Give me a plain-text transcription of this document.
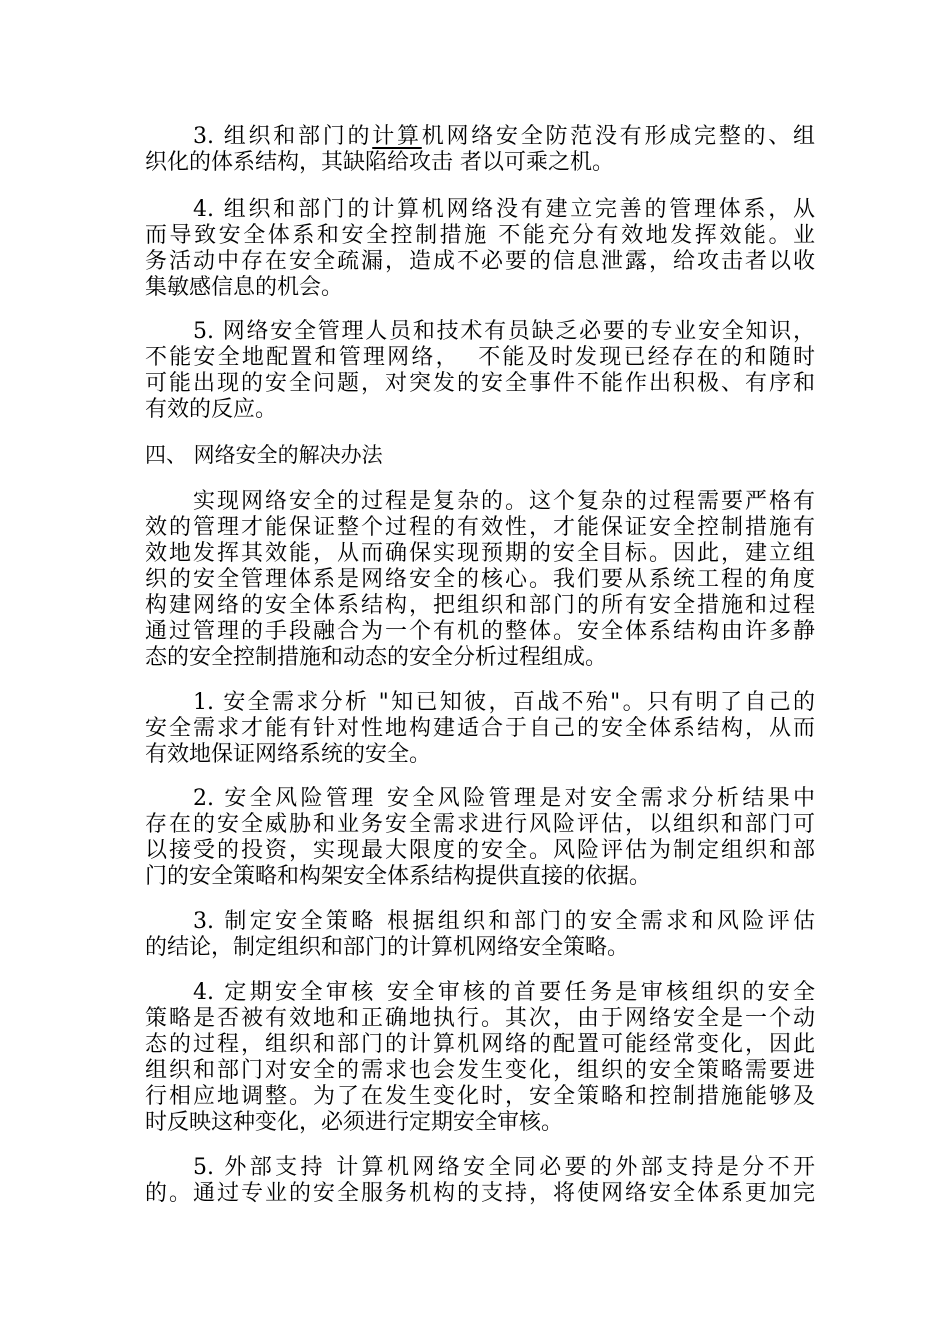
3. 组织和部门的计算机网络安全防范没有形成完整的、组
织化的体系结构，其缺陷给攻击 者以可乘之机。
4. 组织和部门的计算机网络没有建立完善的管理体系，从
而导致安全体系和安全控制措施 不能充分有效地发挥效能。业
务活动中存在安全疏漏，造成不必要的信息泄露，给攻击者以收
集敏感信息的机会。
5. 网络安全管理人员和技术有员缺乏必要的专业安全知识，
不能安全地配置和管理网络，  不能及时发现已经存在的和随时
可能出现的安全问题，对突发的安全事件不能作出积极、有序和
有效的反应。
四、 网络安全的解决办法
实现网络安全的过程是复杂的。这个复杂的过程需要严格有
效的管理才能保证整个过程的有效性，才能保证安全控制措施有
效地发挥其效能，从而确保实现预期的安全目标。因此，建立组
织的安全管理体系是网络安全的核心。我们要从系统工程的角度
构建网络的安全体系结构，把组织和部门的所有安全措施和过程
通过管理的手段融合为一个有机的整体。安全体系结构由许多静
态的安全控制措施和动态的安全分析过程组成。
1. 安全需求分析 "知已知彼，百战不殆"。只有明了自己的
安全需求才能有针对性地构建适合于自己的安全体系结构，从而
有效地保证网络系统的安全。
2. 安全风险管理 安全风险管理是对安全需求分析结果中
存在的安全威胁和业务安全需求进行风险评估，以组织和部门可
以接受的投资，实现最大限度的安全。风险评估为制定组织和部
门的安全策略和构架安全体系结构提供直接的依据。
3. 制定安全策略 根据组织和部门的安全需求和风险评估
的结论，制定组织和部门的计算机网络安全策略。
4. 定期安全审核 安全审核的首要任务是审核组织的安全
策略是否被有效地和正确地执行。其次，由于网络安全是一个动
态的过程，组织和部门的计算机网络的配置可能经常变化，因此
组织和部门对安全的需求也会发生变化，组织的安全策略需要进
行相应地调整。为了在发生变化时，安全策略和控制措施能够及
时反映这种变化，必须进行定期安全审核。
5. 外部支持 计算机网络安全同必要的外部支持是分不开
的。通过专业的安全服务机构的支持，将使网络安全体系更加完
